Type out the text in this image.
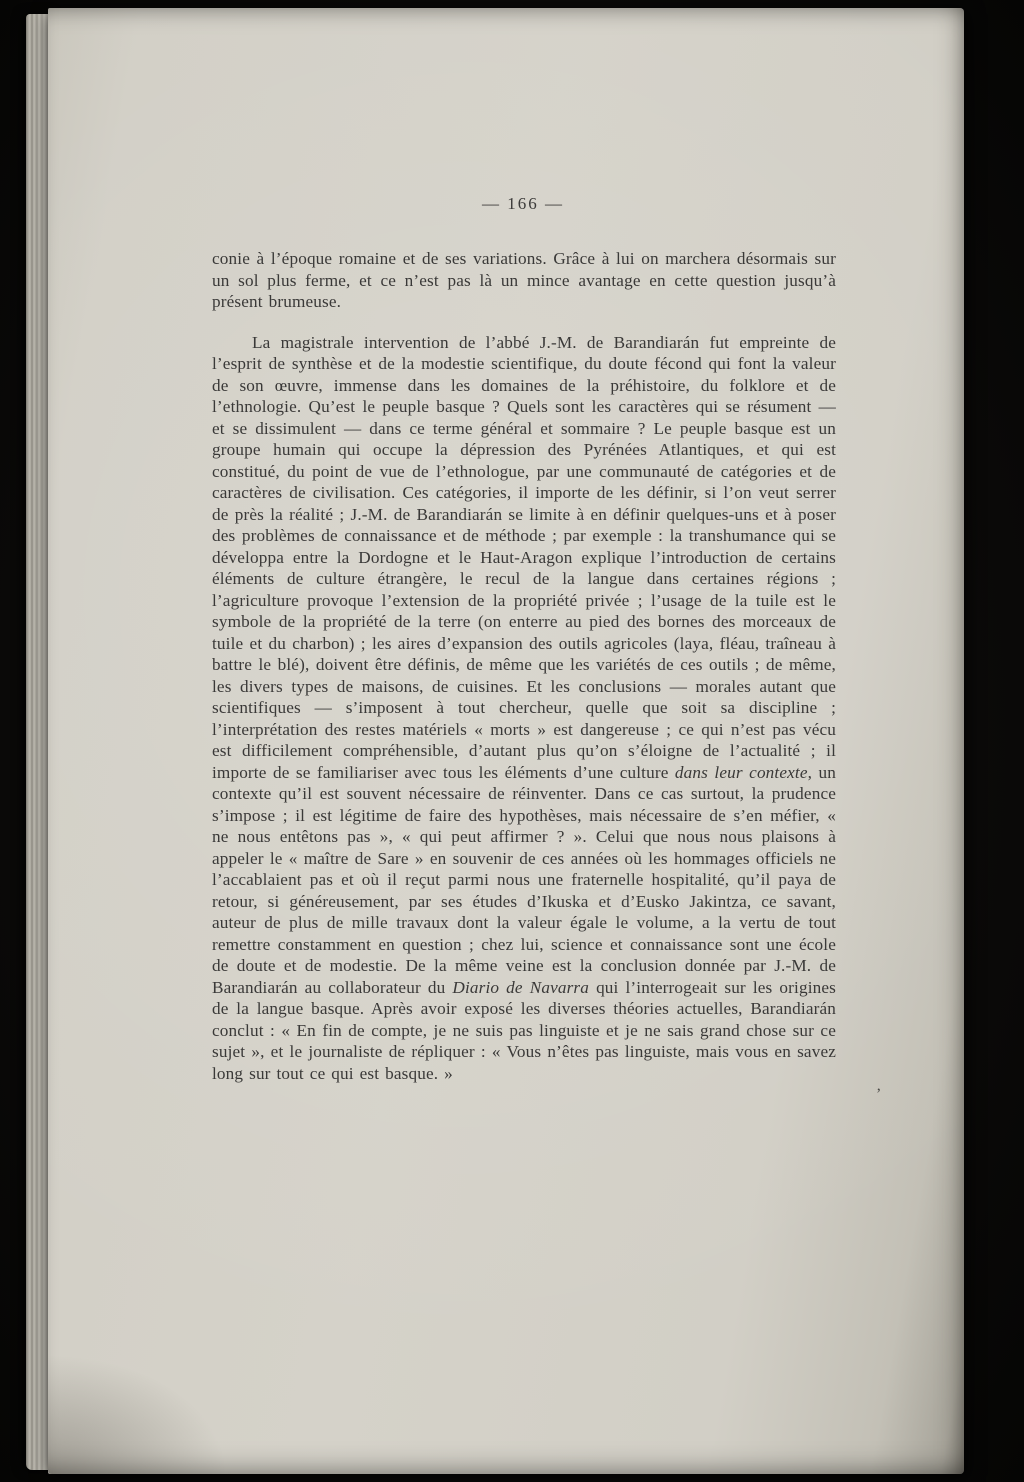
— 166 —

conie à l’époque romaine et de ses variations. Grâce à lui on marchera désormais sur un sol plus ferme, et ce n’est pas là un mince avantage en cette question jusqu’à présent brumeuse.

La magistrale intervention de l’abbé J.-M. de Barandiarán fut empreinte de l’esprit de synthèse et de la modestie scientifique, du doute fécond qui font la valeur de son œuvre, immense dans les domaines de la préhistoire, du folklore et de l’ethnologie. Qu’est le peuple basque ? Quels sont les caractères qui se résument — et se dissimulent — dans ce terme général et sommaire ? Le peuple basque est un groupe humain qui occupe la dépression des Pyrénées Atlantiques, et qui est constitué, du point de vue de l’ethnologue, par une communauté de catégories et de caractères de civilisation. Ces catégories, il importe de les définir, si l’on veut serrer de près la réalité ; J.-M. de Barandiarán se limite à en définir quelques-uns et à poser des problèmes de connaissance et de méthode ; par exemple : la transhumance qui se développa entre la Dordogne et le Haut-Aragon explique l’introduction de certains éléments de culture étrangère, le recul de la langue dans certaines régions ; l’agriculture provoque l’extension de la propriété privée ; l’usage de la tuile est le symbole de la propriété de la terre (on enterre au pied des bornes des morceaux de tuile et du charbon) ; les aires d’expansion des outils agricoles (laya, fléau, traîneau à battre le blé), doivent être définis, de même que les variétés de ces outils ; de même, les divers types de maisons, de cuisines. Et les conclusions — morales autant que scientifiques — s’imposent à tout chercheur, quelle que soit sa discipline ; l’interprétation des restes matériels « morts » est dangereuse ; ce qui n’est pas vécu est difficilement compréhensible, d’autant plus qu’on s’éloigne de l’actualité ; il importe de se familiariser avec tous les éléments d’une culture dans leur contexte, un contexte qu’il est souvent nécessaire de réinventer. Dans ce cas surtout, la prudence s’impose ; il est légitime de faire des hypothèses, mais nécessaire de s’en méfier, « ne nous entêtons pas », « qui peut affirmer ? ». Celui que nous nous plaisons à appeler le « maître de Sare » en souvenir de ces années où les hommages officiels ne l’accablaient pas et où il reçut parmi nous une fraternelle hospitalité, qu’il paya de retour, si généreusement, par ses études d’Ikuska et d’Eusko Jakintza, ce savant, auteur de plus de mille travaux dont la valeur égale le volume, a la vertu de tout remettre constamment en question ; chez lui, science et connaissance sont une école de doute et de modestie. De la même veine est la conclusion donnée par J.-M. de Barandiarán au collaborateur du Diario de Navarra qui l’interrogeait sur les origines de la langue basque. Après avoir exposé les diverses théories actuelles, Barandiarán conclut : « En fin de compte, je ne suis pas linguiste et je ne sais grand chose sur ce sujet », et le journaliste de répliquer : « Vous n’êtes pas linguiste, mais vous en savez long sur tout ce qui est basque. »

’
